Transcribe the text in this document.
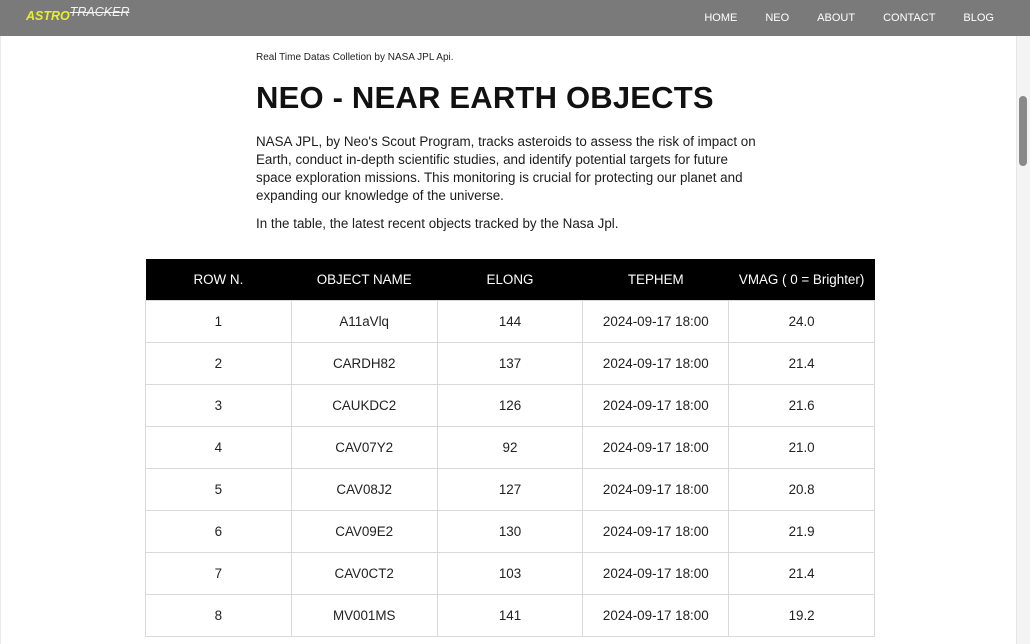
ASTROTRACKER	HOME	NEO	ABOUT	CONTACT	BLOG
Real Time Datas Colletion by NASA JPL Api.
NEO - NEAR EARTH OBJECTS

NASA JPL, by Neo's Scout Program, tracks asteroids to assess the risk of impact on Earth, conduct in-depth scientific studies, and identify potential targets for future space exploration missions. This monitoring is crucial for protecting our planet and expanding our knowledge of the universe.

In the table, the latest recent objects tracked by the Nasa Jpl.

ROW N.	OBJECT NAME	ELONG	TEPHEM	VMAG ( 0 = Brighter)
1	A11aVlq	144	2024-09-17 18:00	24.0
2	CARDH82	137	2024-09-17 18:00	21.4
3	CAUKDC2	126	2024-09-17 18:00	21.6
4	CAV07Y2	92	2024-09-17 18:00	21.0
5	CAV08J2	127	2024-09-17 18:00	20.8
6	CAV09E2	130	2024-09-17 18:00	21.9
7	CAV0CT2	103	2024-09-17 18:00	21.4
8	MV001MS	141	2024-09-17 18:00	19.2
